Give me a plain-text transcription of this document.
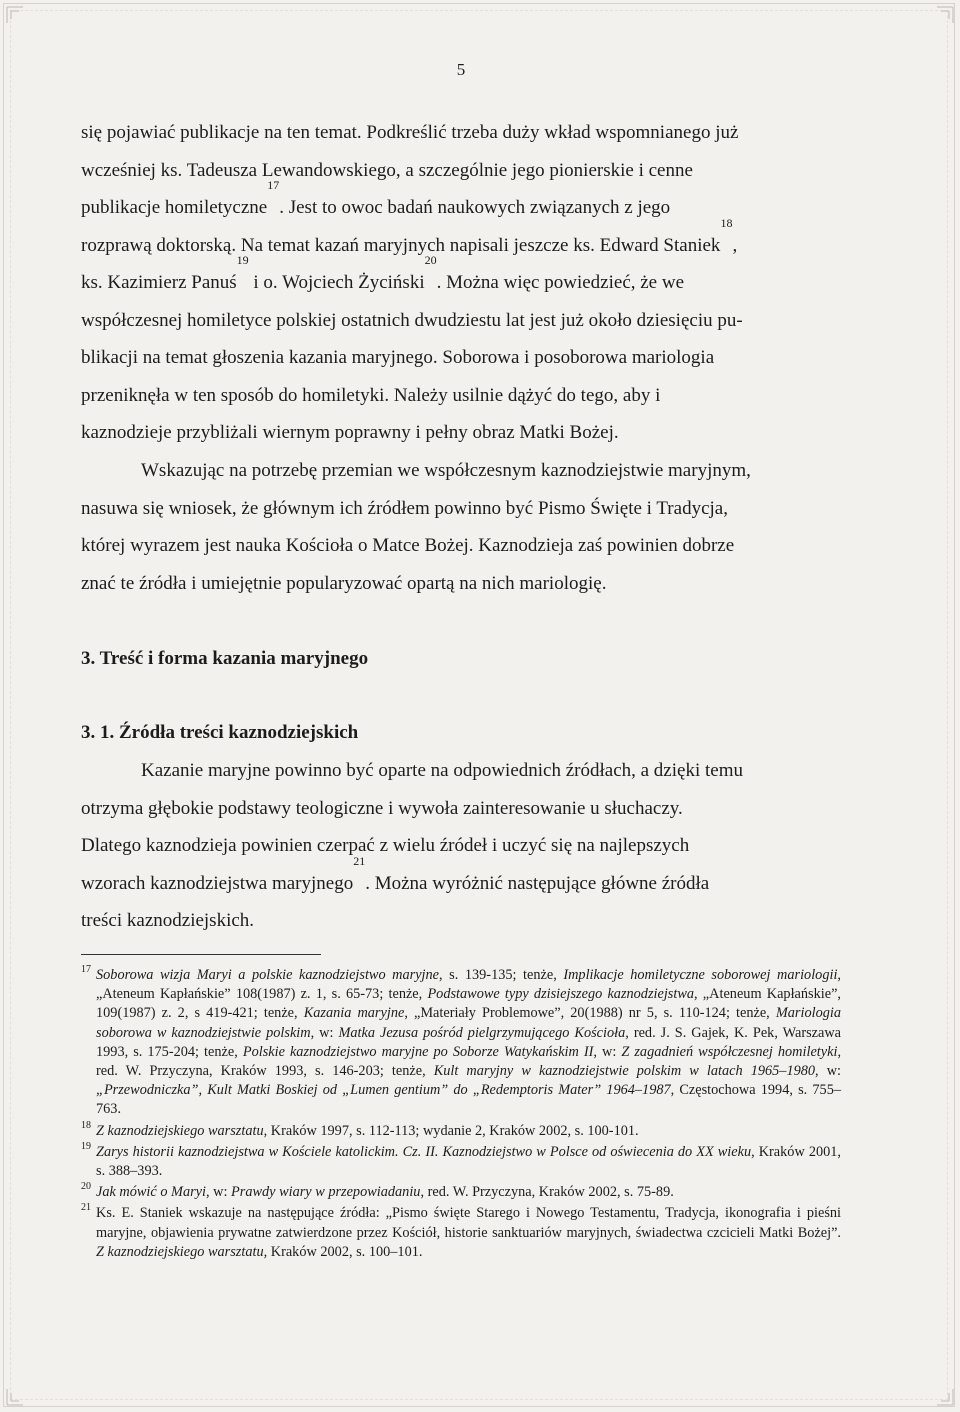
5
się pojawiać publikacje na ten temat. Podkreślić trzeba duży wkład wspomnianego już
wcześniej ks. Tadeusza Lewandowskiego, a szczególnie jego pionierskie i cenne
publikacje homiletyczne$^{17}$. Jest to owoc badań naukowych związanych z jego
rozprawą doktorską. Na temat kazań maryjnych napisali jeszcze ks. Edward Staniek$^{18}$,
ks. Kazimierz Panuś$^{19}$ i o. Wojciech Życiński$^{20}$. Można więc powiedzieć, że we
współczesnej homiletyce polskiej ostatnich dwudziestu lat jest już około dziesięciu pu-
blikacji na temat głoszenia kazania maryjnego. Soborowa i posoborowa mariologia
przeniknęła w ten sposób do homiletyki. Należy usilnie dążyć do tego, aby i
kaznodzieje przybliżali wiernym poprawny i pełny obraz Matki Bożej.
Wskazując na potrzebę przemian we współczesnym kaznodziejstwie maryjnym,
nasuwa się wniosek, że głównym ich źródłem powinno być Pismo Święte i Tradycja,
której wyrazem jest nauka Kościoła o Matce Bożej. Kaznodzieja zaś powinien dobrze
znać te źródła i umiejętnie popularyzować opartą na nich mariologię.
3. Treść i forma kazania maryjnego
3. 1. Źródła treści kaznodziejskich
Kazanie maryjne powinno być oparte na odpowiednich źródłach, a dzięki temu
otrzyma głębokie podstawy teologiczne i wywoła zainteresowanie u słuchaczy.
Dlatego kaznodzieja powinien czerpać z wielu źródeł i uczyć się na najlepszych
wzorach kaznodziejstwa maryjnego$^{21}$. Można wyróżnić następujące główne źródła
treści kaznodziejskich.
17 Soborowa wizja Maryi a polskie kaznodziejstwo maryjne, s. 139-135; tenże, Implikacje homiletyczne soborowej mariologii, „Ateneum Kapłańskie” 108(1987) z. 1, s. 65-73; tenże, Podstawowe typy dzisiejszego kaznodziejstwa, „Ateneum Kapłańskie”, 109(1987) z. 2, s 419-421; tenże, Kazania maryjne, „Materiały Problemowe”, 20(1988) nr 5, s. 110-124; tenże, Mariologia soborowa w kaznodziejstwie polskim, w: Matka Jezusa pośród pielgrzymującego Kościoła, red. J. S. Gajek, K. Pek, Warszawa 1993, s. 175-204; tenże, Polskie kaznodziejstwo maryjne po Soborze Watykańskim II, w: Z zagadnień współczesnej homiletyki, red. W. Przyczyna, Kraków 1993, s. 146-203; tenże, Kult maryjny w kaznodziejstwie polskim w latach 1965–1980, w: „Przewodniczka”, Kult Matki Boskiej od „Lumen gentium” do „Redemptoris Mater” 1964–1987, Częstochowa 1994, s. 755–763.
18 Z kaznodziejskiego warsztatu, Kraków 1997, s. 112-113; wydanie 2, Kraków 2002, s. 100-101.
19 Zarys historii kaznodziejstwa w Kościele katolickim. Cz. II. Kaznodziejstwo w Polsce od oświecenia do XX wieku, Kraków 2001, s. 388–393.
20 Jak mówić o Maryi, w: Prawdy wiary w przepowiadaniu, red. W. Przyczyna, Kraków 2002, s. 75-89.
21 Ks. E. Staniek wskazuje na następujące źródła: „Pismo święte Starego i Nowego Testamentu, Tradycja, ikonografia i pieśni maryjne, objawienia prywatne zatwierdzone przez Kościół, historie sanktuariów maryjnych, świadectwa czcicieli Matki Bożej”. Z kaznodziejskiego warsztatu, Kraków 2002, s. 100–101.
